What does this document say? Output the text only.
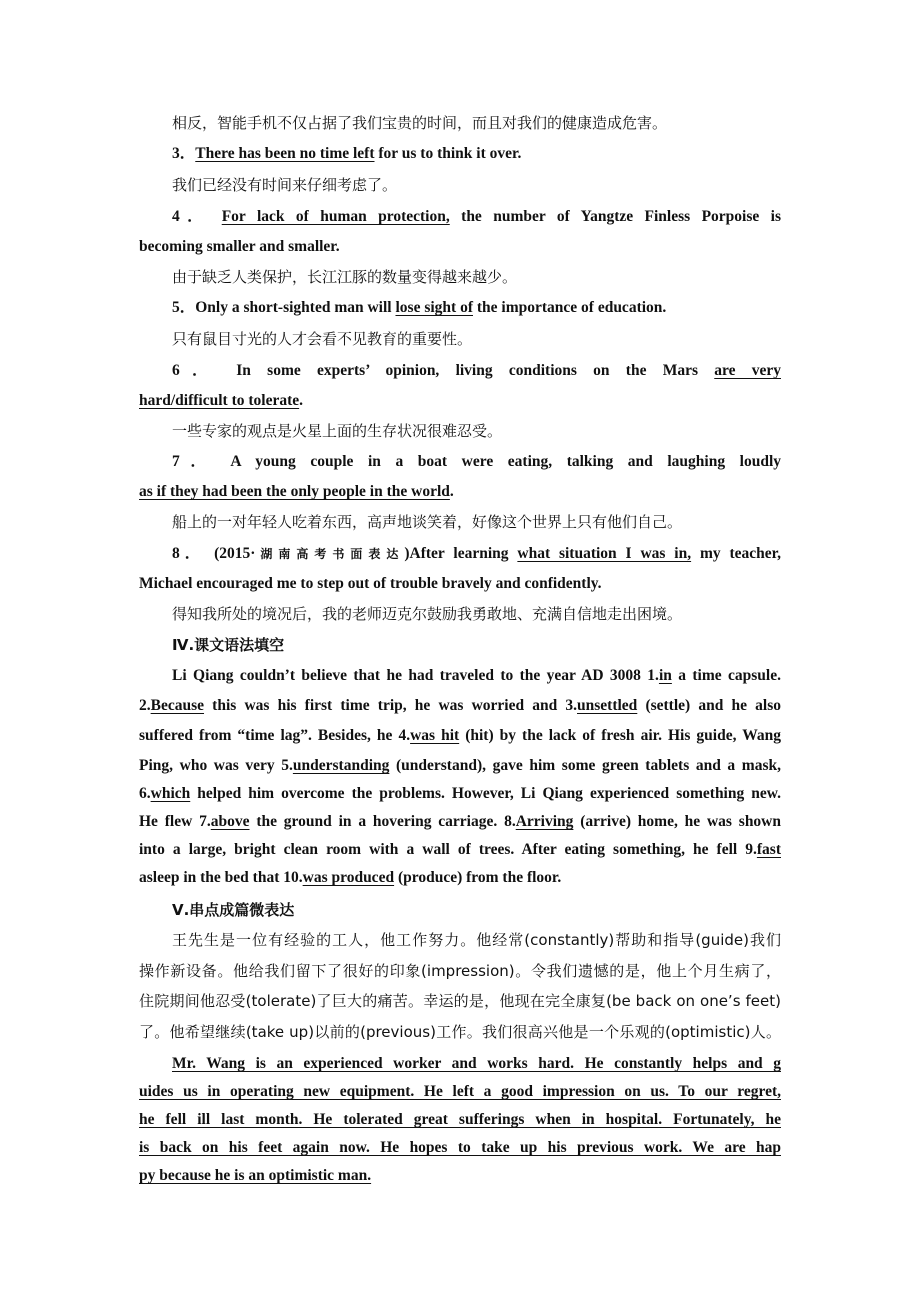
相反，智能手机不仅占据了我们宝贵的时间，而且对我们的健康造成危害。
3．There has been no time left for us to think it over.
我们已经没有时间来仔细考虑了。
4． For lack of human protection, the number of Yangtze Finless Porpoise is
becoming smaller and smaller.
由于缺乏人类保护，长江江豚的数量变得越来越少。
5．Only a short-sighted man will lose sight of the importance of education.
只有鼠目寸光的人才会看不见教育的重要性。
6． In some experts’ opinion, living conditions on the Mars are very
hard/difficult to tolerate.
一些专家的观点是火星上面的生存状况很难忍受。
7． A young couple in a boat were eating, talking and laughing loudly
as if they had been the only people in the world.
船上的一对年轻人吃着东西，高声地谈笑着，好像这个世界上只有他们自己。
8． (2015·湖南高考书面表达)After learning what situation I was in, my teacher,
Michael encouraged me to step out of trouble bravely and confidently.
得知我所处的境况后，我的老师迈克尔鼓励我勇敢地、充满自信地走出困境。
Ⅳ.课文语法填空
Li Qiang couldn’t believe that he had traveled to the year AD 3008 1.in a time capsule.
2.Because this was his first time trip, he was worried and 3.unsettled (settle) and he also
suffered from “time lag”. Besides, he 4.was hit (hit) by the lack of fresh air. His guide, Wang
Ping, who was very 5.understanding (understand), gave him some green tablets and a mask,
6.which helped him overcome the problems. However, Li Qiang experienced something new.
He flew 7.above the ground in a hovering carriage. 8.Arriving (arrive) home, he was shown
into a large, bright clean room with a wall of trees. After eating something, he fell 9.fast
asleep in the bed that 10.was produced (produce) from the floor.
Ⅴ.串点成篇微表达
王先生是一位有经验的工人，他工作努力。他经常(constantly)帮助和指导(guide)我们
操作新设备。他给我们留下了很好的印象(impression)。令我们遗憾的是，他上个月生病了，
住院期间他忍受(tolerate)了巨大的痛苦。幸运的是，他现在完全康复(be back on one’s feet)
了。他希望继续(take up)以前的(previous)工作。我们很高兴他是一个乐观的(optimistic)人。
Mr. Wang is an experienced worker and works hard. He constantly helps and g
uides us in operating new equipment. He left a good impression on us. To our regret,
he fell ill last month. He tolerated great sufferings when in hospital. Fortunately, he
is back on his feet again now. He hopes to take up his previous work. We are hap
py because he is an optimistic man.
